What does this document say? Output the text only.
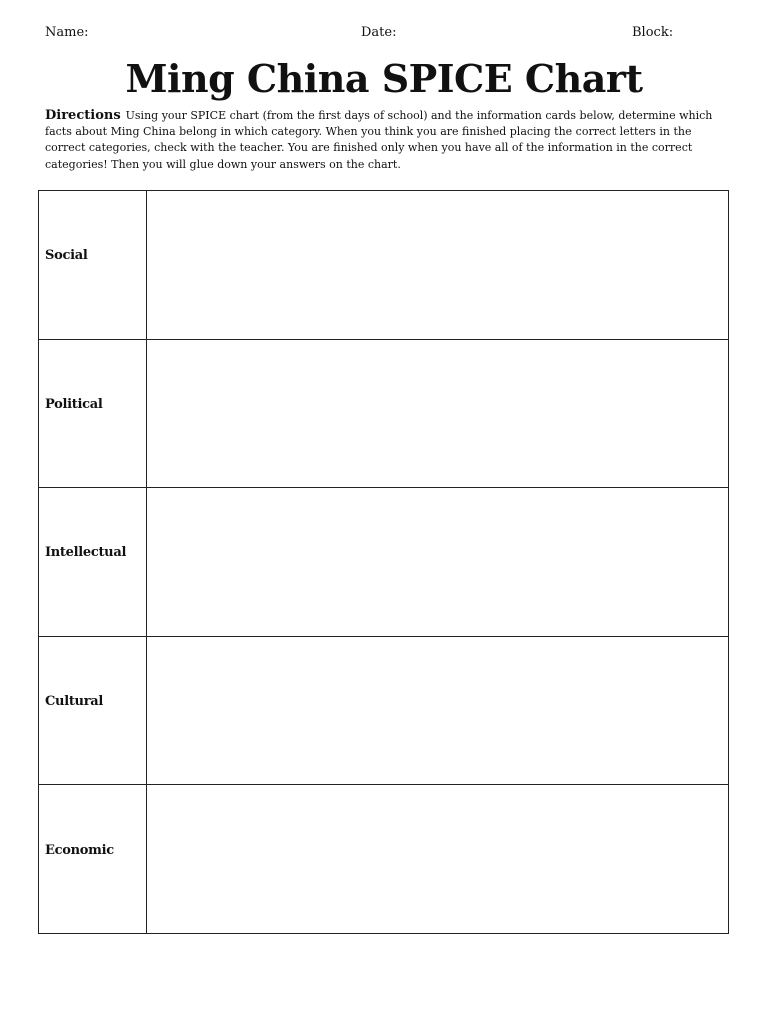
Name:	Date:	Block:
Ming China SPICE Chart

Directions Using your SPICE chart (from the first days of school) and the information cards below, determine which facts about Ming China belong in which category. When you think you are finished placing the correct letters in the correct categories, check with the teacher. You are finished only when you have all of the information in the correct categories! Then you will glue down your answers on the chart.

Social	
Political	
Intellectual	
Cultural	
Economic	
